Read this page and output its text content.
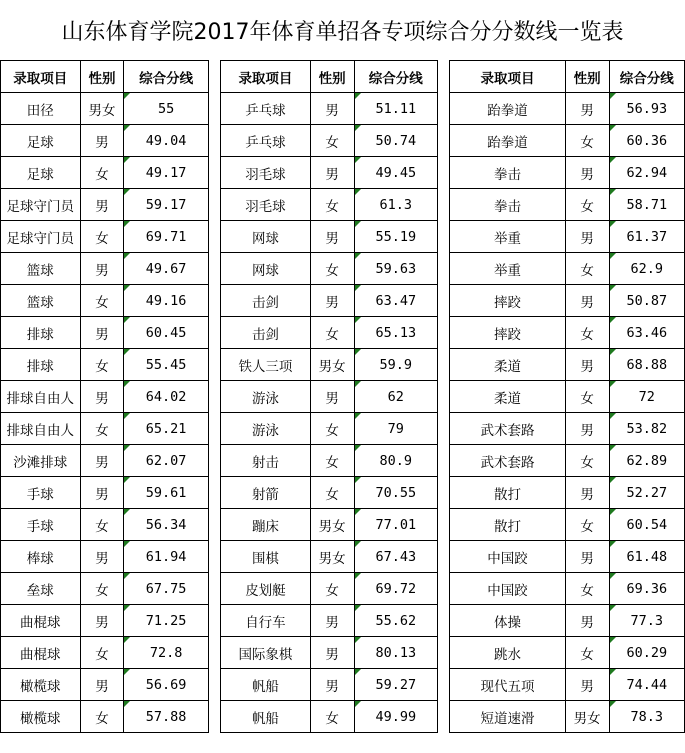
山东体育学院2017年体育单招各专项综合分分数线一览表
录取项目	性别	综合分线		录取项目	性别	综合分线		录取项目	性别	综合分线
田径	男女	55		乒乓球	男	51.11		跆拳道	男	56.93
足球	男	49.04		乒乓球	女	50.74		跆拳道	女	60.36
足球	女	49.17		羽毛球	男	49.45		拳击	男	62.94
足球守门员	男	59.17		羽毛球	女	61.3		拳击	女	58.71
足球守门员	女	69.71		网球	男	55.19		举重	男	61.37
篮球	男	49.67		网球	女	59.63		举重	女	62.9
篮球	女	49.16		击剑	男	63.47		摔跤	男	50.87
排球	男	60.45		击剑	女	65.13		摔跤	女	63.46
排球	女	55.45		铁人三项	男女	59.9		柔道	男	68.88
排球自由人	男	64.02		游泳	男	62		柔道	女	72
排球自由人	女	65.21		游泳	女	79		武术套路	男	53.82
沙滩排球	男	62.07		射击	女	80.9		武术套路	女	62.89
手球	男	59.61		射箭	女	70.55		散打	男	52.27
手球	女	56.34		蹦床	男女	77.01		散打	女	60.54
棒球	男	61.94		围棋	男女	67.43		中国跤	男	61.48
垒球	女	67.75		皮划艇	女	69.72		中国跤	女	69.36
曲棍球	男	71.25		自行车	男	55.62		体操	男	77.3
曲棍球	女	72.8		国际象棋	男	80.13		跳水	女	60.29
橄榄球	男	56.69		帆船	男	59.27		现代五项	男	74.44
橄榄球	女	57.88		帆船	女	49.99		短道速滑	男女	78.3
